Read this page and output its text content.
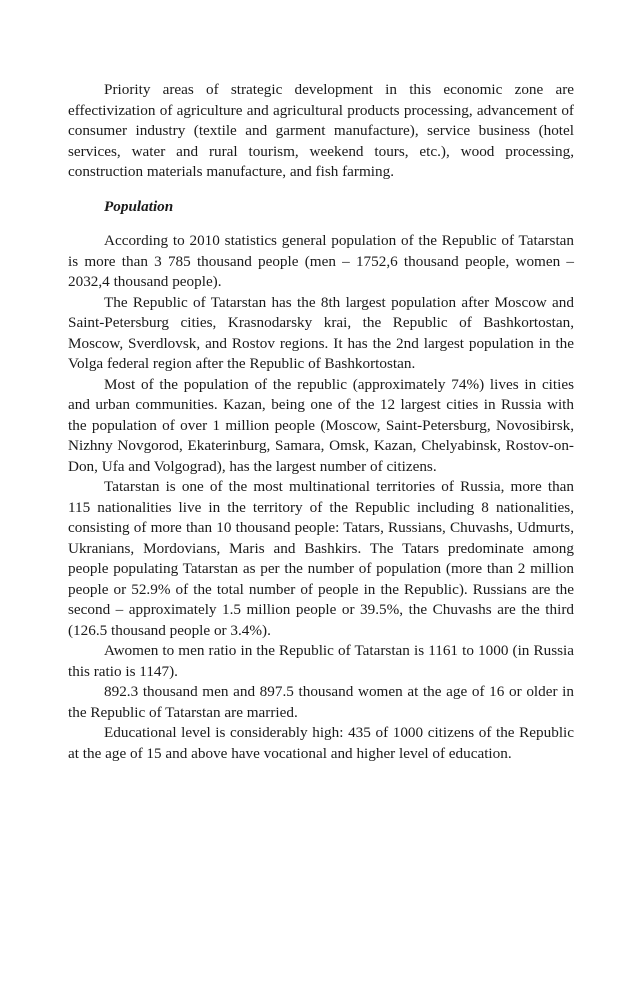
Priority areas of strategic development in this economic zone are effectivization of agriculture and agricultural products processing, advancement of consumer industry (textile and garment manufacture), service business (hotel services, water and rural tourism, weekend tours, etc.), wood processing, construction materials manufacture, and fish farming.

Population

According to 2010 statistics general population of the Republic of Tatarstan is more than 3 785 thousand people (men – 1752,6 thousand people, women – 2032,4 thousand people).

The Republic of Tatarstan has the 8th largest population after Moscow and Saint-Petersburg cities, Krasnodarsky krai, the Republic of Bashkortostan, Moscow, Sverdlovsk, and Rostov regions. It has the 2nd largest population in the Volga federal region after the Republic of Bashkortostan.

Most of the population of the republic (approximately 74%) lives in cities and urban communities. Kazan, being one of the 12 largest cities in Russia with the population of over 1 million people (Moscow, Saint-Petersburg, Novosibirsk, Nizhny Novgorod, Ekaterinburg, Samara, Omsk, Kazan, Chelyabinsk, Rostov-on-Don, Ufa and Volgograd), has the largest number of citizens.

Tatarstan is one of the most multinational territories of Russia, more than 115 nationalities live in the territory of the Republic including 8 nationalities, consisting of more than 10 thousand people: Tatars, Russians, Chuvashs, Udmurts, Ukranians, Mordovians, Maris and Bashkirs. The Tatars predominate among people populating Tatarstan as per the number of population (more than 2 million people or 52.9% of the total number of people in the Republic). Russians are the second – approximately 1.5 million people or 39.5%, the Chuvashs are the third (126.5 thousand people or 3.4%).

Awomen to men ratio in the Republic of Tatarstan is 1161 to 1000 (in Russia this ratio is 1147).

892.3 thousand men and 897.5 thousand women at the age of 16 or older in the Republic of Tatarstan are married.

Educational level is considerably high: 435 of 1000 citizens of the Republic at the age of 15 and above have vocational and higher level of education.
